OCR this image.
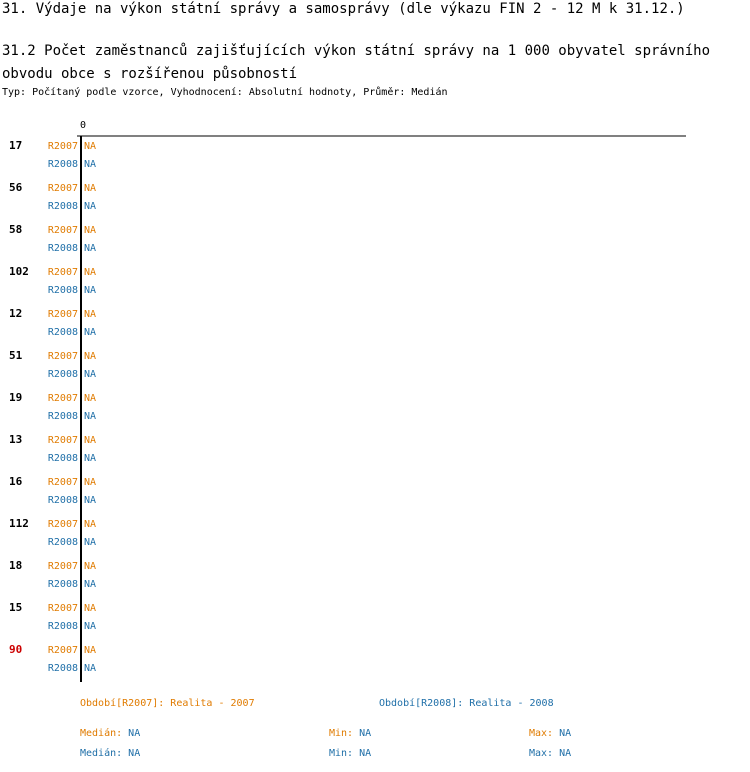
31. Výdaje na výkon státní správy a samosprávy (dle výkazu FIN 2 - 12 M k 31.12.)
31.2 Počet zaměstnanců zajišťujících výkon státní správy na 1 000 obyvatel správního obvodu obce s rozšířenou působností
Typ: Počítaný podle vzorce, Vyhodnocení: Absolutní hodnoty, Průměr: Medián
0
17	R2007 NA
R2008 NA
56	R2007 NA
R2008 NA
58	R2007 NA
R2008 NA
102 R2007 NA
R2008 NA
12	R2007 NA
R2008 NA
51	R2007 NA
R2008 NA
19	R2007 NA
R2008 NA
13	R2007 NA
R2008 NA
16	R2007 NA
R2008 NA
112 R2007 NA
R2008 NA
18	R2007 NA
R2008 NA
15	R2007 NA
R2008 NA
90	R2007 NA
R2008 NA
Období[R2007]: Realita - 2007	Období[R2008]: Realita - 2008
Medián: NA	Min: NA	Max: NA
Medián: NA	Min: NA	Max: NA
